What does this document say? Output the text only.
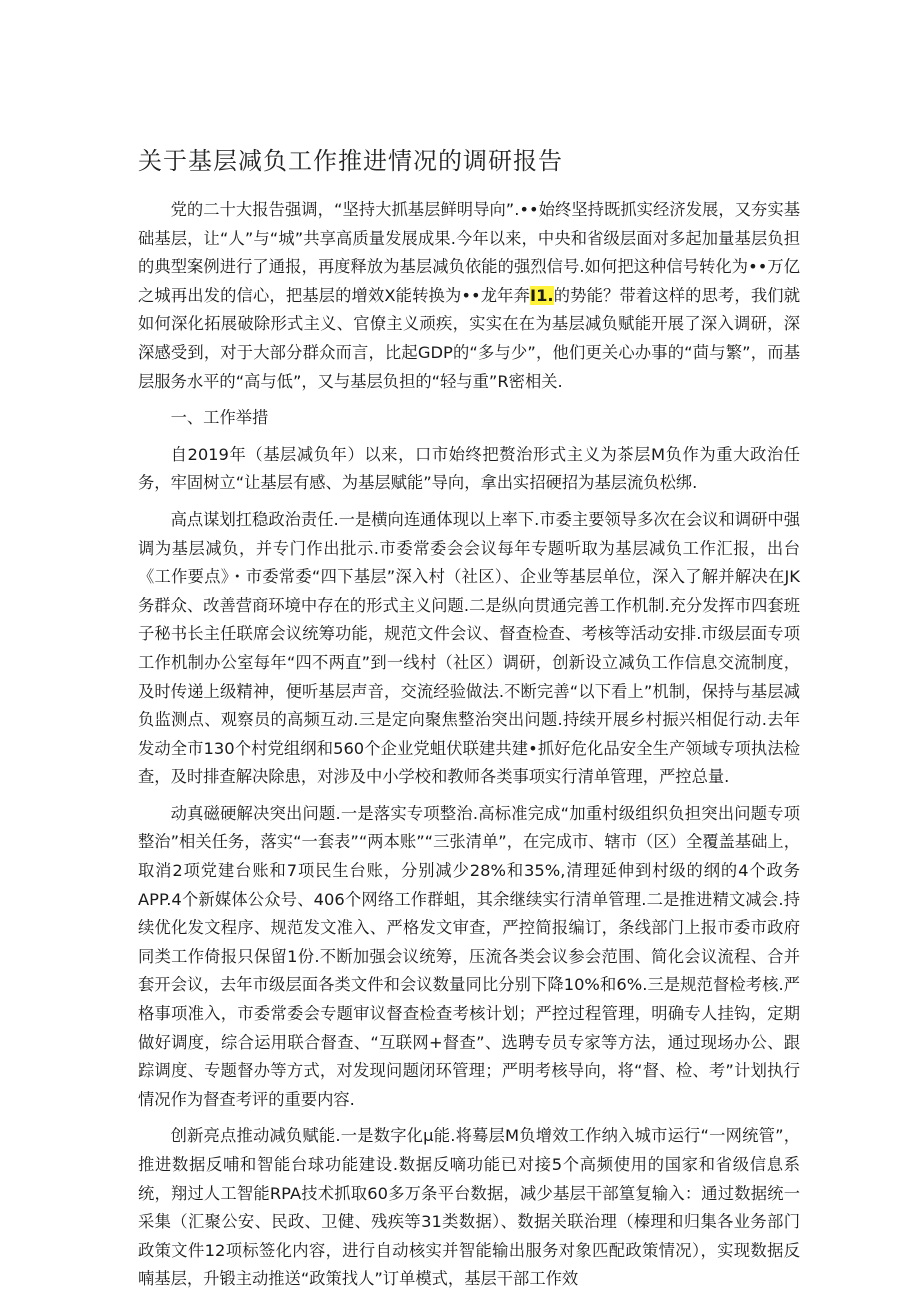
关于基层减负工作推进情况的调研报告

党的二十大报告强调，“坚持大抓基层鲜明导向”.••始终坚持既抓实经济发展，又夯实基础基层，让“人”与“城”共享高质量发展成果.今年以来，中央和省级层面对多起加量基层负担的典型案例进行了通报，再度释放为基层减负依能的强烈信号.如何把这种信号转化为••万亿之城再出发的信心，把基层的增效X能转换为••龙年奔I1.的势能？带着这样的思考，我们就如何深化拓展破除形式主义、官僚主义顽疾，实实在在为基层减负赋能开展了深入调研，深深感受到，对于大部分群众而言，比起GDP的“多与少”，他们更关心办事的“茴与繁”，而基层服务水平的“高与低”，又与基层负担的“轻与重”R密相关.

一、工作举措

自2019年（基层减负年）以来，口市始终把赘治形式主义为茶层M负作为重大政治任务，牢固树立“让基层有感、为基层赋能”导向，拿出实招硬招为基层流负松绑.

高点谋划扛稳政治责任.一是横向连通体现以上率下.市委主要领导多次在会议和调研中强调为基层减负，并专门作出批示.市委常委会会议每年专题听取为基层减负工作汇报，出台《工作要点》・市委常委“四下基层”深入村（社区）、企业等基层单位，深入了解并解决在JK务群众、改善营商环境中存在的形式主义问题.二是纵向贯通完善工作机制.充分发挥市四套班子秘书长主任联席会议统筹功能，规范文件会议、督查检查、考核等活动安排.市级层面专项工作机制办公室每年“四不两直”到一线村（社区）调研，创新设立减负工作信息交流制度，及时传递上级精神，便听基层声音，交流经验做法.不断完善“以下看上”机制，保持与基层减负监测点、观察员的高频互动.三是定向聚焦整治突出问题.持续开展乡村振兴相促行动.去年发动全市130个村党组纲和560个企业党蛆伏联建共建•抓好危化品安全生产领域专项执法检查，及时排查解决除患，对涉及中小学校和教师各类事项实行清单管理，严控总量.

动真磁硬解决突出问题.一是落实专项整治.高标准完成“加重村级组织负担突出问题专项整治”相关任务，落实“一套表”“两本账”“三张清单”，在完成市、辖市（区）全覆盖基础上，取消2项党建台账和7项民生台账，分别减少28%和35%,清理延伸到村级的纲的4个政务APP.4个新媒体公众号、406个网络工作群蛆，其余继续实行清单管理.二是推进精文减会.持续优化发文程序、规范发文准入、严格发文审查，严控简报编订，条线部门上报市委市政府同类工作倚报只保留1份.不断加强会议统筹，压流各类会议参会范围、简化会议流程、合并套开会议，去年市级层面各类文件和会议数量同比分别下降10%和6%.三是规范督检考核.严格事项准入，市委常委会专题审议督查检查考核计划；严控过程管理，明确专人挂钩，定期做好调度，综合运用联合督查、“互联网+督查”、选聘专员专家等方法，通过现场办公、跟踪调度、专题督办等方式，对发现问题闭环管理；严明考核导向，将“督、检、考”计划执行情况作为督查考评的重要内容.

创新亮点推动减负赋能.一是数字化μ能.将蓦层M负增效工作纳入城市运行“一网统管”，推进数据反哺和智能台球功能建设.数据反嘀功能已对接5个高频使用的国家和省级信息系统，翔过人工智能RPA技术抓取60多万条平台数据，减少基层干部篁复输入：通过数据统一采集（汇聚公安、民政、卫健、残疾等31类数据）、数据关联治理（榛理和归集各业务部门政策文件12项标签化内容，进行自动核实并智能输出服务对象匹配政策情况），实现数据反喃基层，升锻主动推送“政策找人”订单模式，基层干部工作效
